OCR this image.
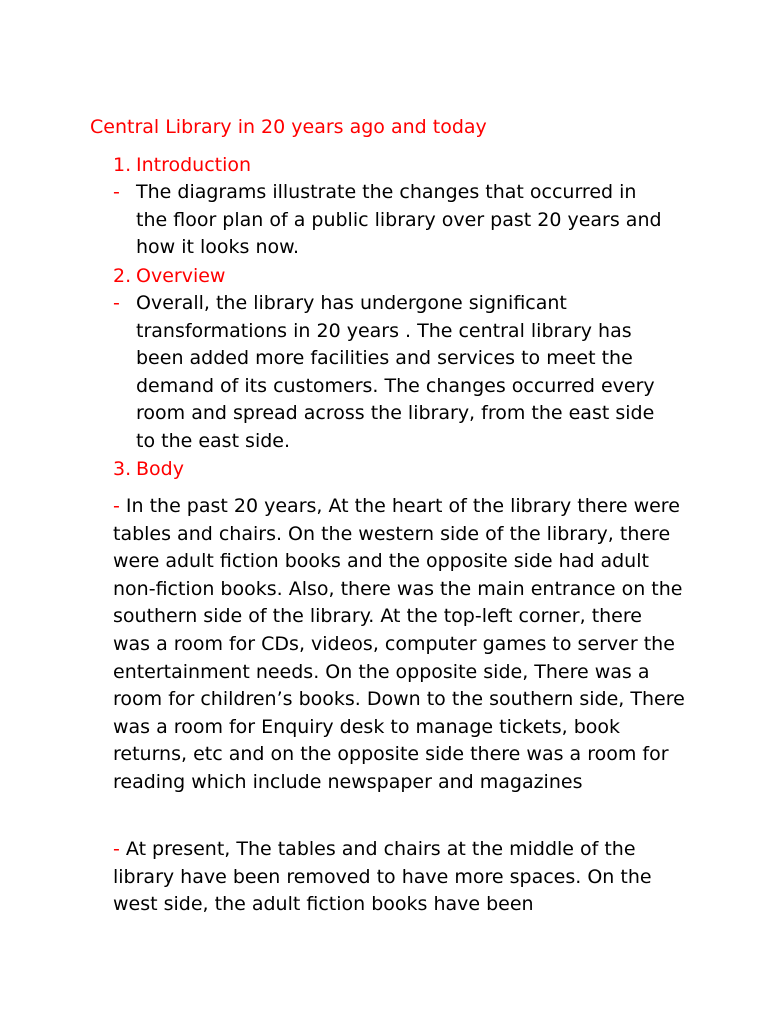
Central Library in 20 years ago and today
1. Introduction
- The diagrams illustrate the changes that occurred in the floor plan of a public library over past 20 years and how it looks now.
2. Overview
- Overall, the library has undergone significant transformations in 20 years . The central library has been added more facilities and services to meet the demand of its customers. The changes occurred every room and spread across the library, from the east side to the east side.
3. Body
- In the past 20 years, At the heart of the library there were tables and chairs. On the western side of the library, there were adult fiction books and the opposite side had adult non-fiction books. Also, there was the main entrance on the southern side of the library. At the top-left corner, there was a room for CDs, videos, computer games to server the entertainment needs. On the opposite side, There was a room for children’s books. Down to the southern side, There was a room for Enquiry desk to manage tickets, book returns, etc and on the opposite side there was a room for reading which include newspaper and magazines
- At present, The tables and chairs at the middle of the library have been removed to have more spaces. On the west side, the adult fiction books have been
